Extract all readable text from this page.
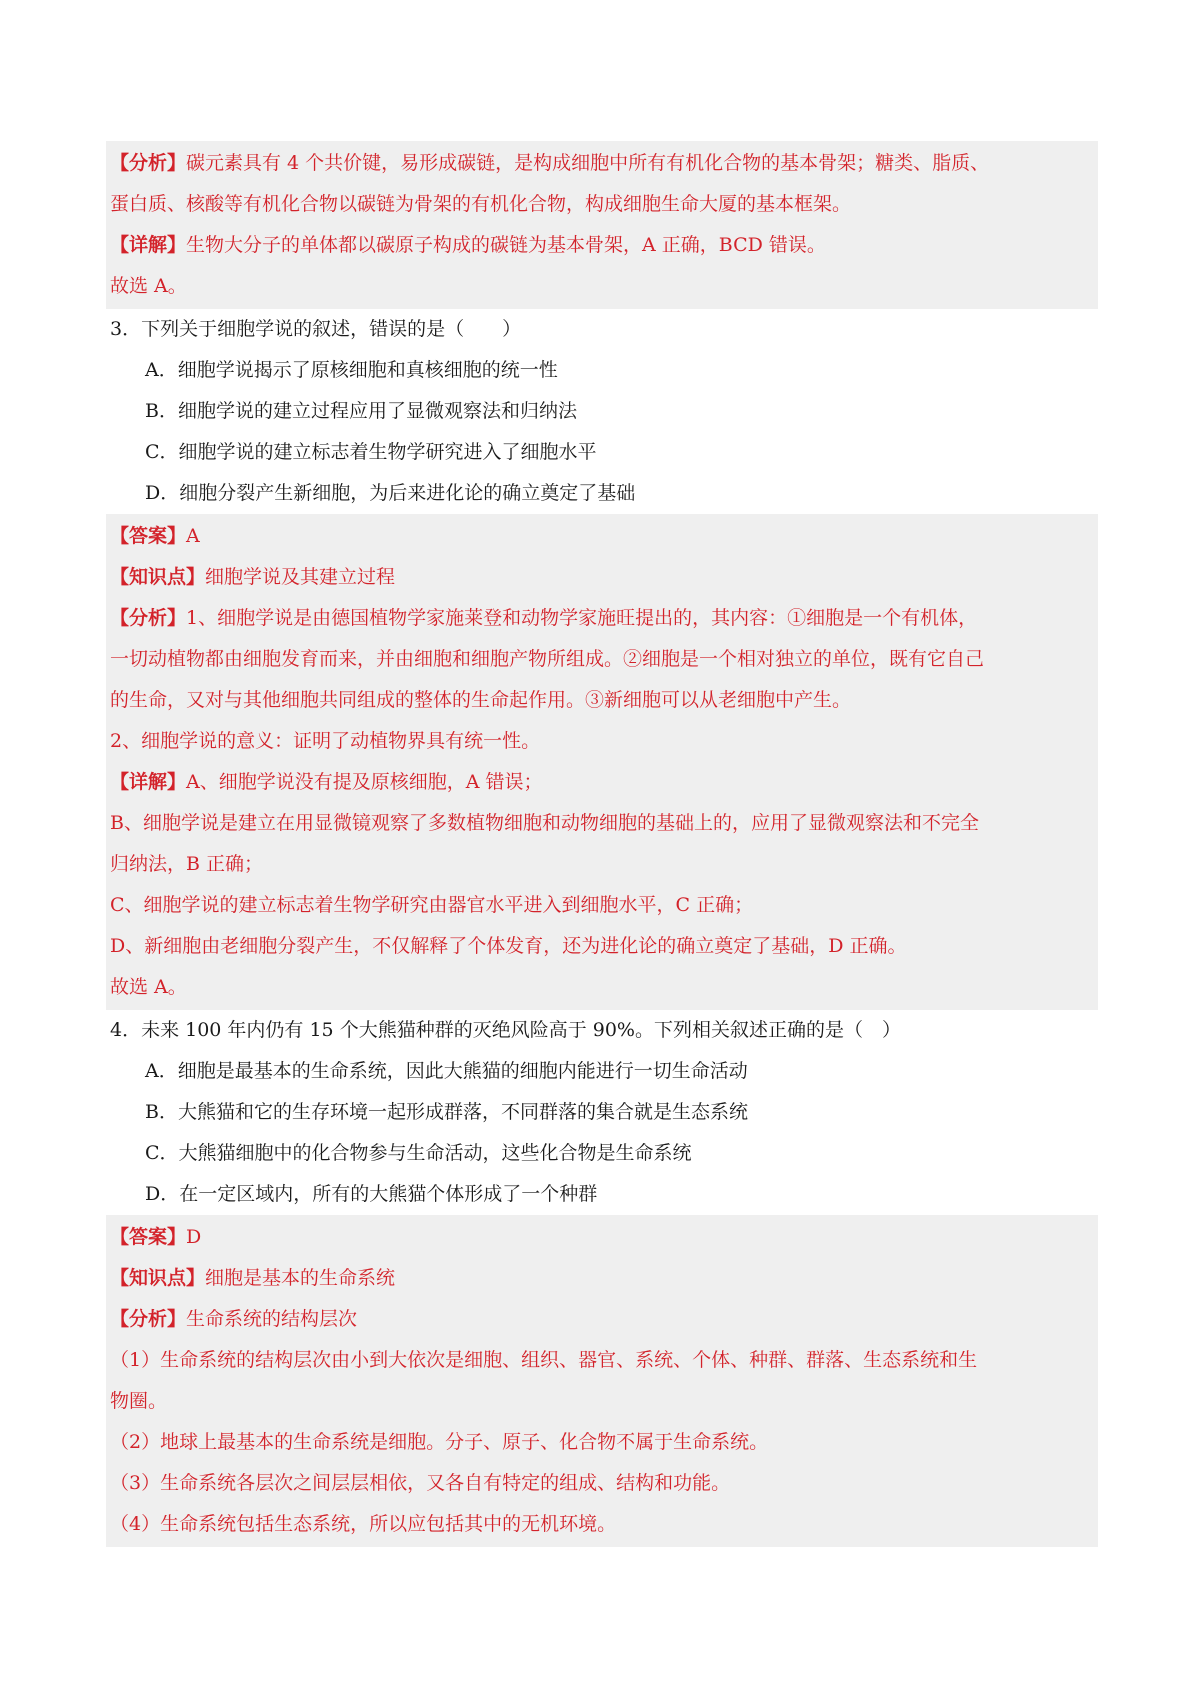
【分析】碳元素具有 4 个共价键，易形成碳链，是构成细胞中所有有机化合物的基本骨架；糖类、脂质、
蛋白质、核酸等有机化合物以碳链为骨架的有机化合物，构成细胞生命大厦的基本框架。
【详解】生物大分子的单体都以碳原子构成的碳链为基本骨架，A 正确，BCD 错误。
故选 A。
3．下列关于细胞学说的叙述，错误的是（　　）
A．细胞学说揭示了原核细胞和真核细胞的统一性
B．细胞学说的建立过程应用了显微观察法和归纳法
C．细胞学说的建立标志着生物学研究进入了细胞水平
D．细胞分裂产生新细胞，为后来进化论的确立奠定了基础
【答案】A
【知识点】细胞学说及其建立过程
【分析】1、细胞学说是由德国植物学家施莱登和动物学家施旺提出的，其内容：①细胞是一个有机体，
一切动植物都由细胞发育而来，并由细胞和细胞产物所组成。②细胞是一个相对独立的单位，既有它自己
的生命，又对与其他细胞共同组成的整体的生命起作用。③新细胞可以从老细胞中产生。
2、细胞学说的意义：证明了动植物界具有统一性。
【详解】A、细胞学说没有提及原核细胞，A 错误；
B、细胞学说是建立在用显微镜观察了多数植物细胞和动物细胞的基础上的，应用了显微观察法和不完全
归纳法，B 正确；
C、细胞学说的建立标志着生物学研究由器官水平进入到细胞水平，C 正确；
D、新细胞由老细胞分裂产生，不仅解释了个体发育，还为进化论的确立奠定了基础，D 正确。
故选 A。
4．未来 100 年内仍有 15 个大熊猫种群的灭绝风险高于 90%。下列相关叙述正确的是（　）
A．细胞是最基本的生命系统，因此大熊猫的细胞内能进行一切生命活动
B．大熊猫和它的生存环境一起形成群落，不同群落的集合就是生态系统
C．大熊猫细胞中的化合物参与生命活动，这些化合物是生命系统
D．在一定区域内，所有的大熊猫个体形成了一个种群
【答案】D
【知识点】细胞是基本的生命系统
【分析】生命系统的结构层次
（1）生命系统的结构层次由小到大依次是细胞、组织、器官、系统、个体、种群、群落、生态系统和生
物圈。
（2）地球上最基本的生命系统是细胞。分子、原子、化合物不属于生命系统。
（3）生命系统各层次之间层层相依，又各自有特定的组成、结构和功能。
（4）生命系统包括生态系统，所以应包括其中的无机环境。
